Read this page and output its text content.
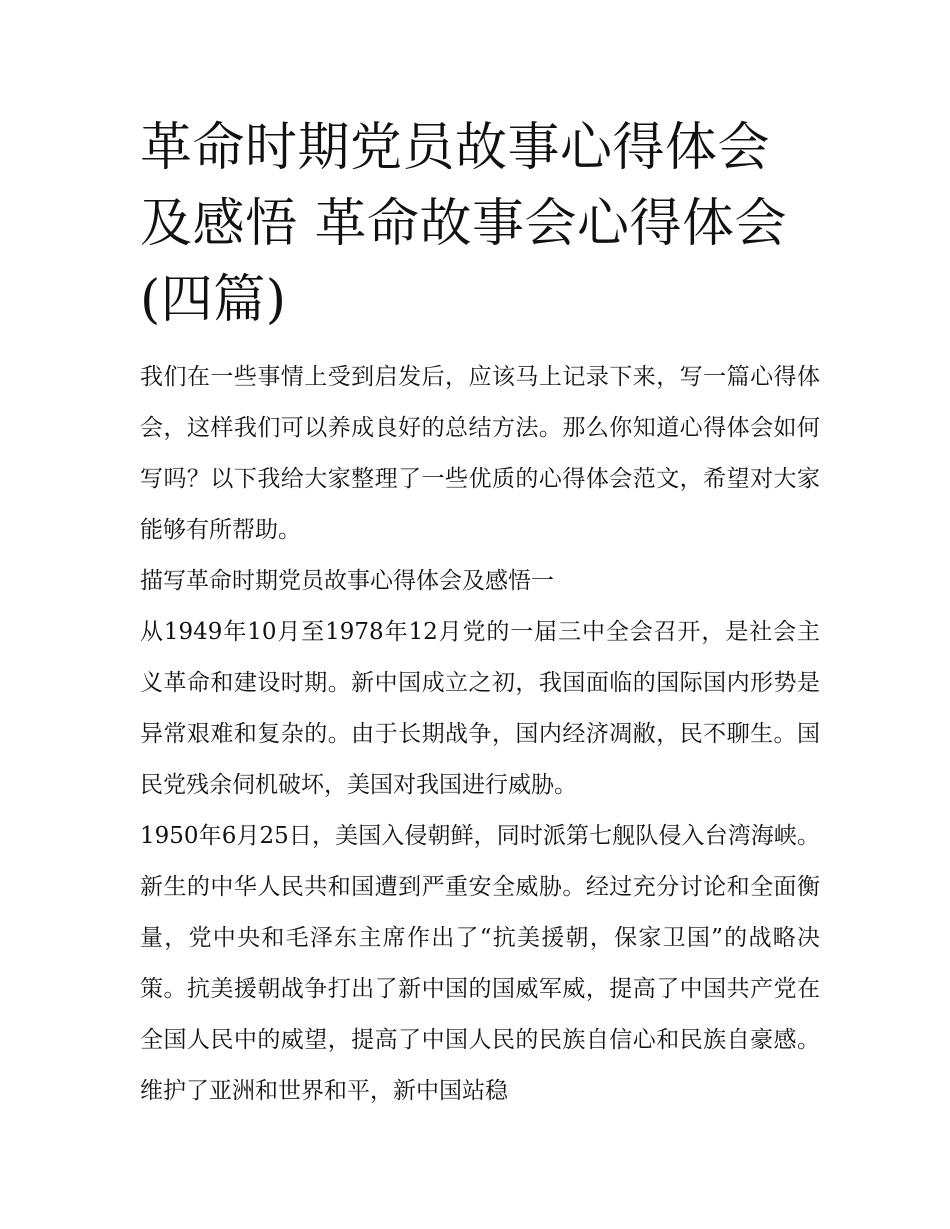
革命时期党员故事心得体会及感悟 革命故事会心得体会(四篇)

我们在一些事情上受到启发后，应该马上记录下来，写一篇心得体会，这样我们可以养成良好的总结方法。那么你知道心得体会如何写吗？以下我给大家整理了一些优质的心得体会范文，希望对大家能够有所帮助。

描写革命时期党员故事心得体会及感悟一

从1949年10月至1978年12月党的一届三中全会召开，是社会主义革命和建设时期。新中国成立之初，我国面临的国际国内形势是异常艰难和复杂的。由于长期战争，国内经济凋敝，民不聊生。国民党残余伺机破坏，美国对我国进行威胁。

1950年6月25日，美国入侵朝鲜，同时派第七舰队侵入台湾海峡。新生的中华人民共和国遭到严重安全威胁。经过充分讨论和全面衡量，党中央和毛泽东主席作出了“抗美援朝，保家卫国”的战略决策。抗美援朝战争打出了新中国的国威军威，提高了中国共产党在全国人民中的威望，提高了中国人民的民族自信心和民族自豪感。维护了亚洲和世界和平，新中国站稳
